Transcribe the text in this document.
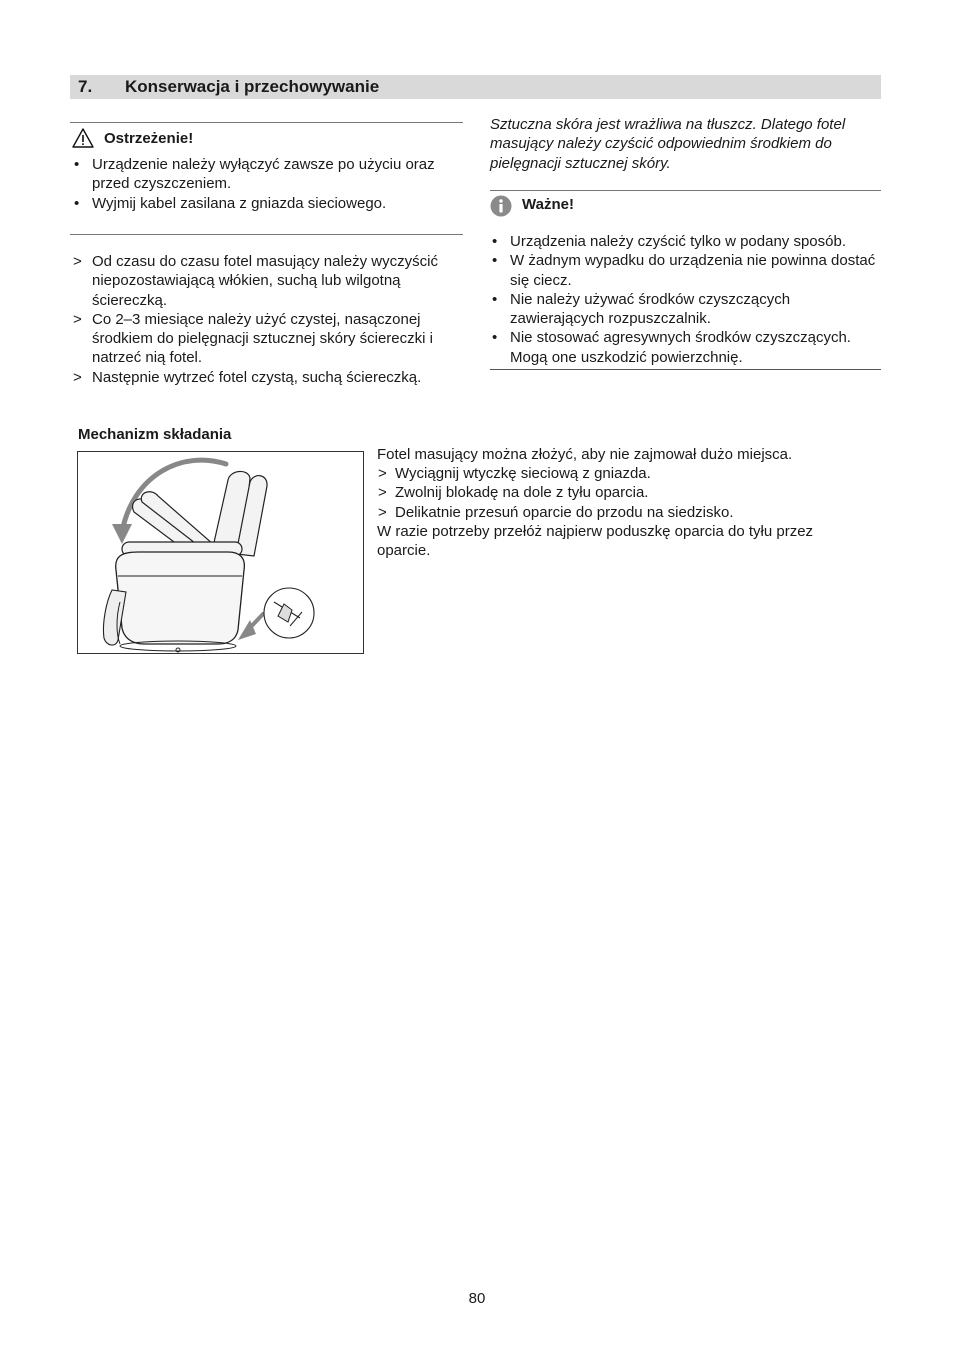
7. Konserwacja i przechowywanie
Ostrzeżenie!
• Urządzenie należy wyłączyć zawsze po użyciu oraz przed czyszczeniem.
• Wyjmij kabel zasilana z gniazda sieciowego.
> Od czasu do czasu fotel masujący należy wyczyścić niepozostawiającą włókien, suchą lub wilgotną ściereczką.
> Co 2–3 miesiące należy użyć czystej, nasączonej środkiem do pielęgnacji sztucznej skóry ściereczki i natrzeć nią fotel.
> Następnie wytrzeć fotel czystą, suchą ściereczką.
Sztuczna skóra jest wrażliwa na tłuszcz. Dlatego fotel masujący należy czyścić odpowiednim środkiem do pielęgnacji sztucznej skóry.
Ważne!
• Urządzenia należy czyścić tylko w podany sposób.
• W żadnym wypadku do urządzenia nie powinna dostać się ciecz.
• Nie należy używać środków czyszczących zawierających rozpuszczalnik.
• Nie stosować agresywnych środków czyszczących. Mogą one uszkodzić powierzchnię.
Mechanizm składania
Fotel masujący można złożyć, aby nie zajmował dużo miejsca.
> Wyciągnij wtyczkę sieciową z gniazda.
> Zwolnij blokadę na dole z tyłu oparcia.
> Delikatnie przesuń oparcie do przodu na siedzisko.
W razie potrzeby przełóż najpierw poduszkę oparcia do tyłu przez oparcie.
80
